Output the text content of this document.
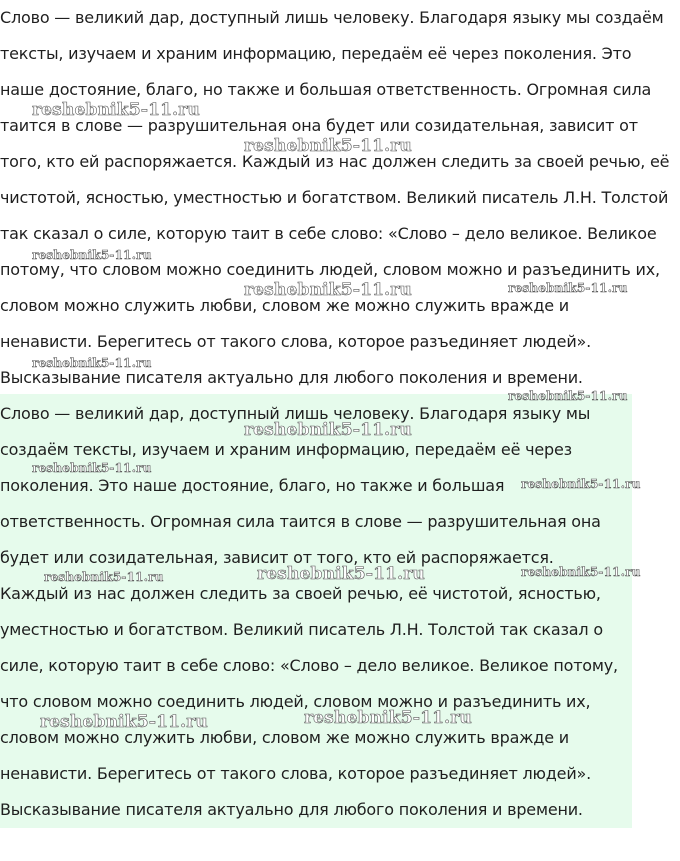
Слово — великий дар, доступный лишь человеку. Благодаря языку мы создаём

тексты, изучаем и храним информацию, передаём её через поколения. Это

наше достояние, благо, но также и большая ответственность. Огромная сила

таится в слове — разрушительная она будет или созидательная, зависит от

того, кто ей распоряжается. Каждый из нас должен следить за своей речью, её

чистотой, ясностью, уместностью и богатством. Великий писатель Л.Н. Толстой

так сказал о силе, которую таит в себе слово: «Слово – дело великое. Великое

потому, что словом можно соединить людей, словом можно и разъединить их,

словом можно служить любви, словом же можно служить вражде и

ненависти. Берегитесь от такого слова, которое разъединяет людей».

Высказывание писателя актуально для любого поколения и времени.

Слово — великий дар, доступный лишь человеку. Благодаря языку мы

создаём тексты, изучаем и храним информацию, передаём её через

поколения. Это наше достояние, благо, но также и большая

ответственность. Огромная сила таится в слове — разрушительная она

будет или созидательная, зависит от того, кто ей распоряжается.

Каждый из нас должен следить за своей речью, её чистотой, ясностью,

уместностью и богатством. Великий писатель Л.Н. Толстой так сказал о

силе, которую таит в себе слово: «Слово – дело великое. Великое потому,

что словом можно соединить людей, словом можно и разъединить их,

словом можно служить любви, словом же можно служить вражде и

ненависти. Берегитесь от такого слова, которое разъединяет людей».

Высказывание писателя актуально для любого поколения и времени.

reshebnik5-11.ru
reshebnik5-11.ru
reshebnik5-11.ru
reshebnik5-11.ru	reshebnik5-11.ru
reshebnik5-11.ru
reshebnik5-11.ru
reshebnik5-11.ru
reshebnik5-11.ru
reshebnik5-11.ru
reshebnik5-11.ru	reshebnik5-11.ru	reshebnik5-11.ru
reshebnik5-11.ru	reshebnik5-11.ru
